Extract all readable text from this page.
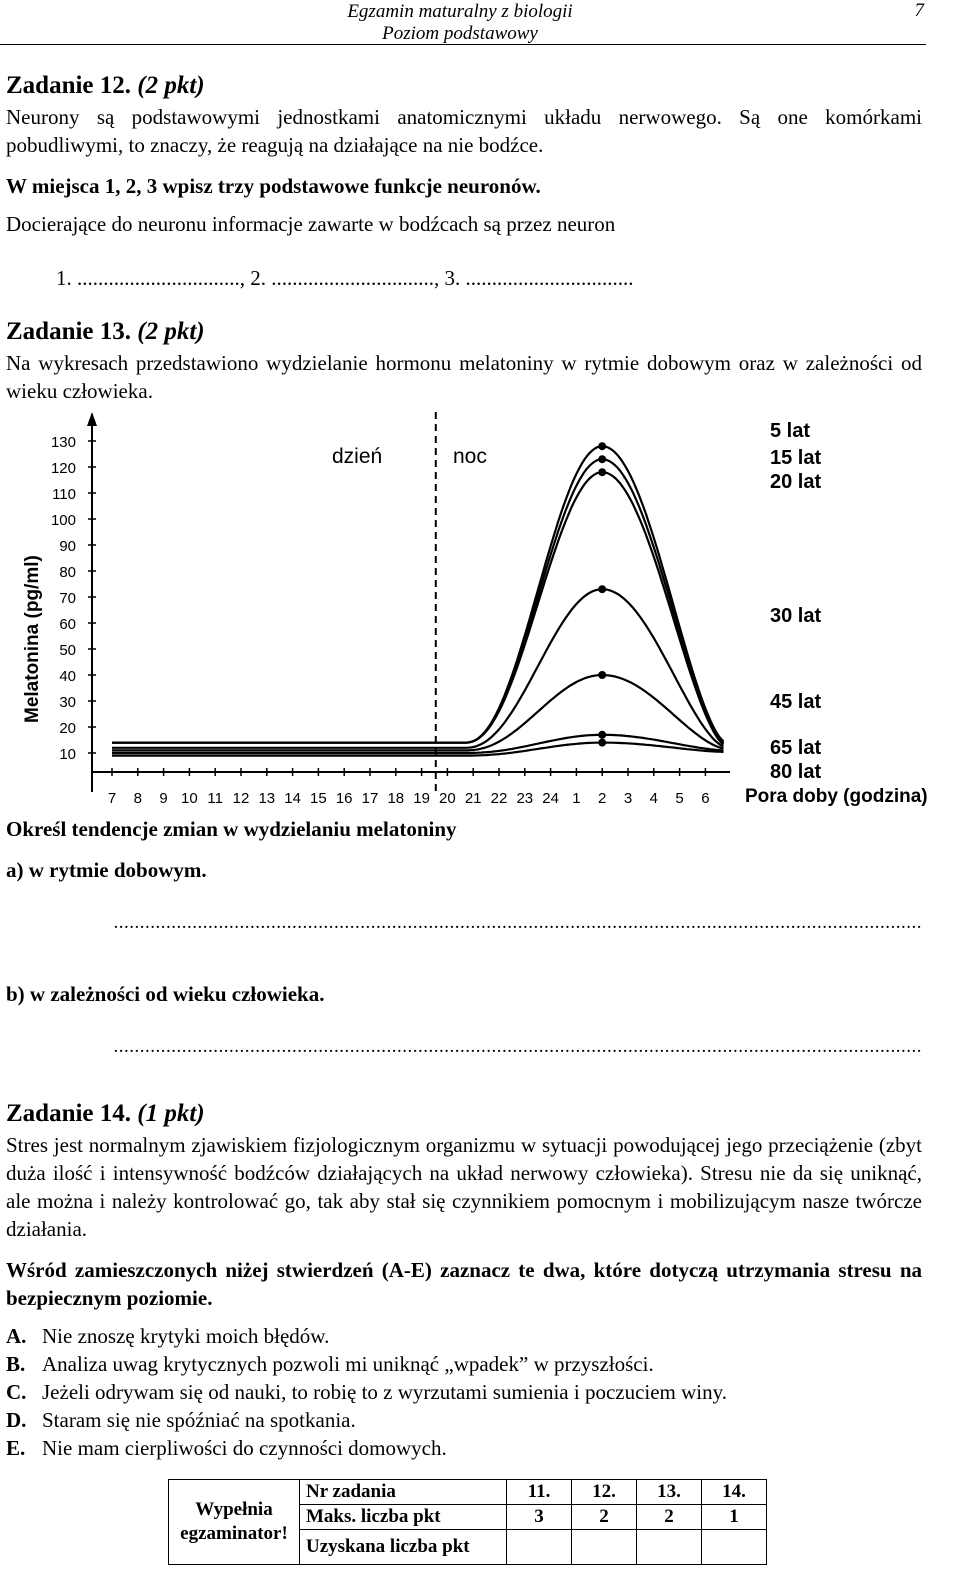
Egzamin maturalny z biologii
Poziom podstawowy
7
Zadanie 12. (2 pkt)
Neurony są podstawowymi jednostkami anatomicznymi układu nerwowego. Są one komórkami pobudliwymi, to znaczy, że reagują na działające na nie bodźce.
W miejsca 1, 2, 3 wpisz trzy podstawowe funkcje neuronów.
Docierające do neuronu informacje zawarte w bodźcach są przez neuron
1. ..............................., 2. ..............................., 3. ................................
Zadanie 13. (2 pkt)
Na wykresach przedstawiono wydzielanie hormonu melatoniny w rytmie dobowym oraz w zależności od wieku człowieka.
10
20
30
40
50
60
70
80
90
100
110
120
130
7 8 9 10 11 12 13 14 15 16 17 18 19 20 21 22 23 24 1 2 3 4 5 6
5 lat
15 lat
20 lat
30 lat
45 lat
65 lat
80 lat
dzień	noc
Melatonina (pg/ml)
Pora doby (godzina)
Określ tendencje zmian w wydzielaniu melatoniny
a) w rytmie dobowym.
..........................................................................................................................................................
b) w zależności od wieku człowieka.
..........................................................................................................................................................
Zadanie 14. (1 pkt)
Stres jest normalnym zjawiskiem fizjologicznym organizmu w sytuacji powodującej jego przeciążenie (zbyt duża ilość i intensywność bodźców działających na układ nerwowy człowieka). Stresu nie da się uniknąć, ale można i należy kontrolować go, tak aby stał się czynnikiem pomocnym i mobilizującym nasze twórcze działania.
Wśród zamieszczonych niżej stwierdzeń (A-E) zaznacz te dwa, które dotyczą utrzymania stresu na bezpiecznym poziomie.
A. Nie znoszę krytyki moich błędów.
B. Analiza uwag krytycznych pozwoli mi uniknąć „wpadek” w przyszłości.
C. Jeżeli odrywam się od nauki, to robię to z wyrzutami sumienia i poczuciem winy.
D. Staram się nie spóźniać na spotkania.
E. Nie mam cierpliwości do czynności domowych.
Wypełnia egzaminator!	Nr zadania	11.	12.	13.	14.
	Maks. liczba pkt	3	2	2	1
	Uzyskana liczba pkt				
